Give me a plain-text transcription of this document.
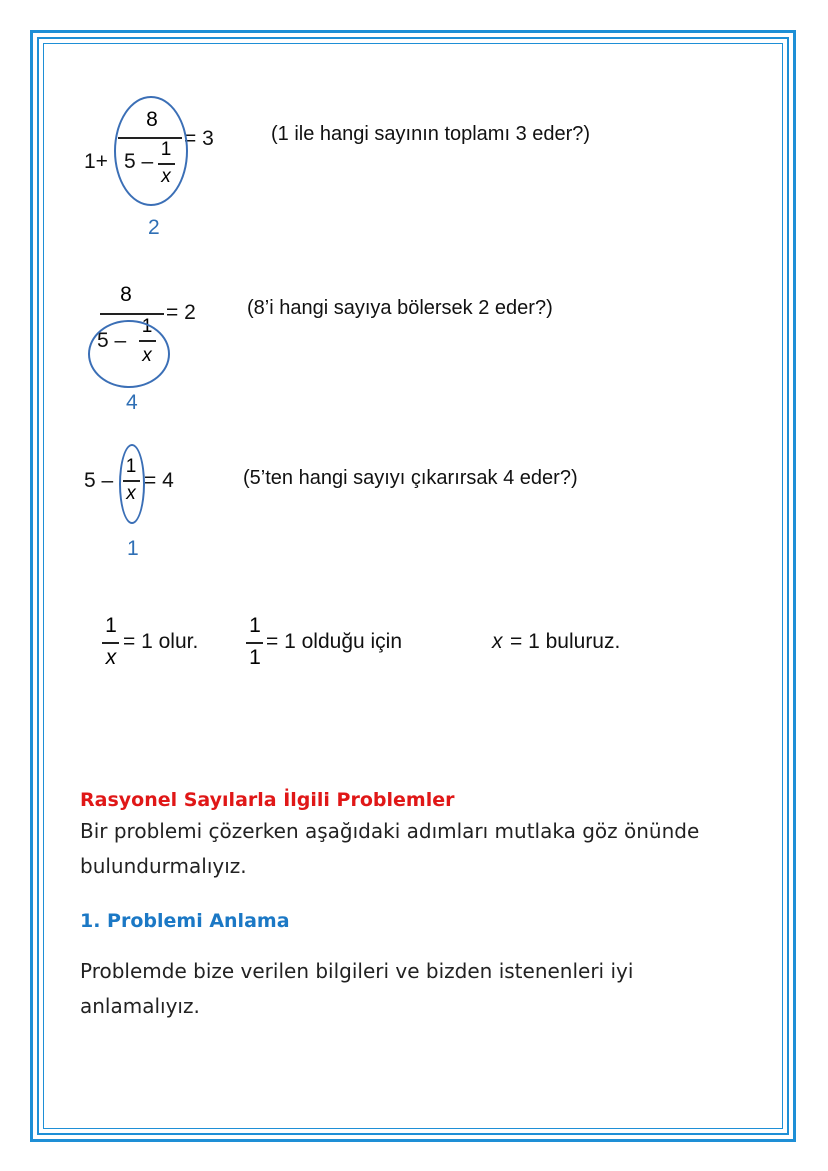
1+
8
5 –
1
x
= 3
2
(1 ile hangi sayının toplamı 3 eder?)
8
= 2
5 –
1
x
4
(8’i hangi sayıya bölersek 2 eder?)
5 –
1
x
= 4
1
(5’ten hangi sayıyı çıkarırsak 4 eder?)
1
x
= 1 olur.
1
1
= 1 olduğu için	x = 1 buluruz.
Rasyonel Sayılarla İlgili Problemler
Bir problemi çözerken aşağıdaki adımları mutlaka göz önünde bulundurmalıyız.
1. Problemi Anlama
Problemde bize verilen bilgileri ve bizden istenenleri iyi anlamalıyız.
